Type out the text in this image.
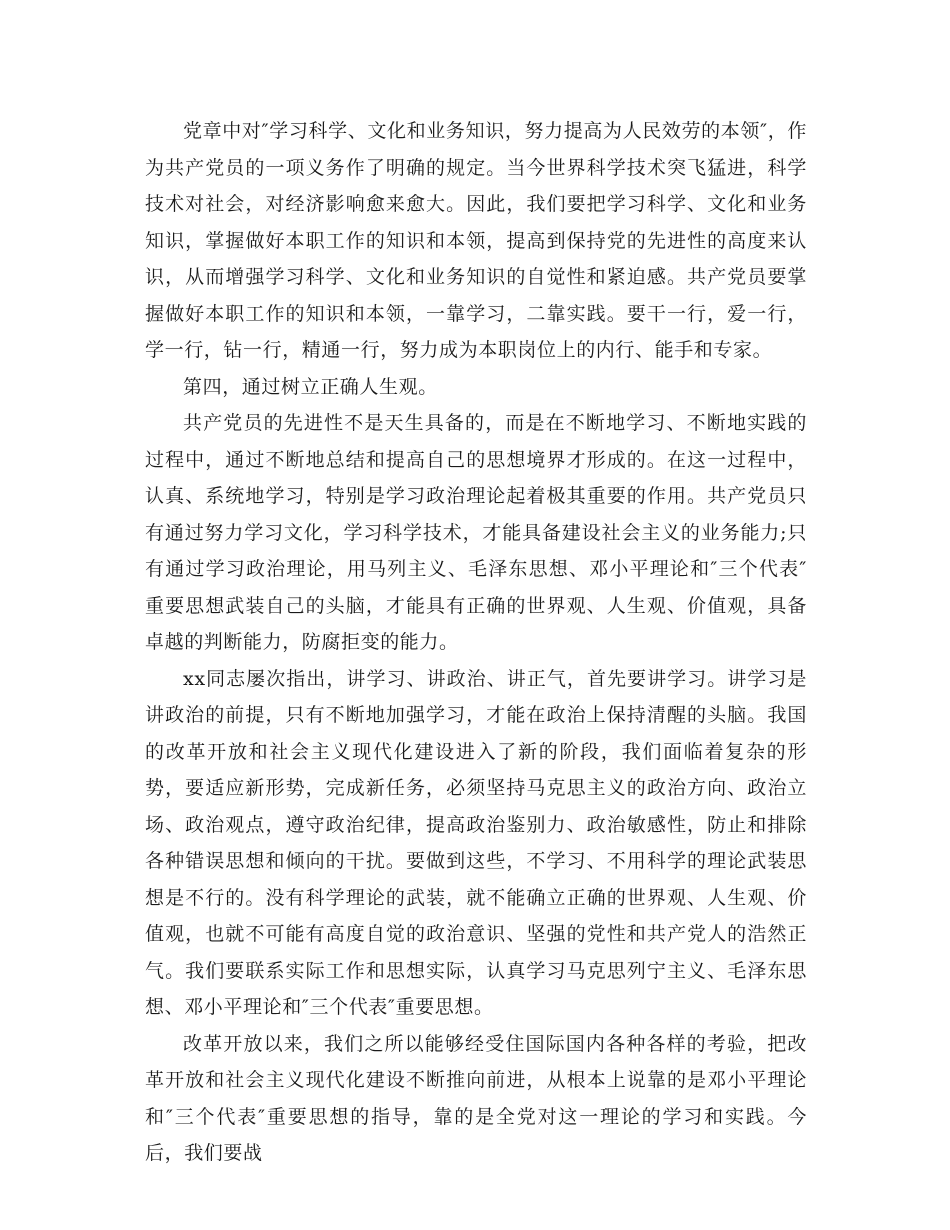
党章中对″学习科学、文化和业务知识，努力提高为人民效劳的本领″，作为共产党员的一项义务作了明确的规定。当今世界科学技术突飞猛进，科学技术对社会，对经济影响愈来愈大。因此，我们要把学习科学、文化和业务知识，掌握做好本职工作的知识和本领，提高到保持党的先进性的高度来认识，从而增强学习科学、文化和业务知识的自觉性和紧迫感。共产党员要掌握做好本职工作的知识和本领，一靠学习，二靠实践。要干一行，爱一行，学一行，钻一行，精通一行，努力成为本职岗位上的内行、能手和专家。

第四，通过树立正确人生观。

共产党员的先进性不是天生具备的，而是在不断地学习、不断地实践的过程中，通过不断地总结和提高自己的思想境界才形成的。在这一过程中，认真、系统地学习，特别是学习政治理论起着极其重要的作用。共产党员只有通过努力学习文化，学习科学技术，才能具备建设社会主义的业务能力;只有通过学习政治理论，用马列主义、毛泽东思想、邓小平理论和″三个代表″重要思想武装自己的头脑，才能具有正确的世界观、人生观、价值观，具备卓越的判断能力，防腐拒变的能力。

xx同志屡次指出，讲学习、讲政治、讲正气，首先要讲学习。讲学习是讲政治的前提，只有不断地加强学习，才能在政治上保持清醒的头脑。我国的改革开放和社会主义现代化建设进入了新的阶段，我们面临着复杂的形势，要适应新形势，完成新任务，必须坚持马克思主义的政治方向、政治立场、政治观点，遵守政治纪律，提高政治鉴别力、政治敏感性，防止和排除各种错误思想和倾向的干扰。要做到这些，不学习、不用科学的理论武装思想是不行的。没有科学理论的武装，就不能确立正确的世界观、人生观、价值观，也就不可能有高度自觉的政治意识、坚强的党性和共产党人的浩然正气。我们要联系实际工作和思想实际，认真学习马克思列宁主义、毛泽东思想、邓小平理论和″三个代表″重要思想。

改革开放以来，我们之所以能够经受住国际国内各种各样的考验，把改革开放和社会主义现代化建设不断推向前进，从根本上说靠的是邓小平理论和″三个代表″重要思想的指导，靠的是全党对这一理论的学习和实践。今后，我们要战
